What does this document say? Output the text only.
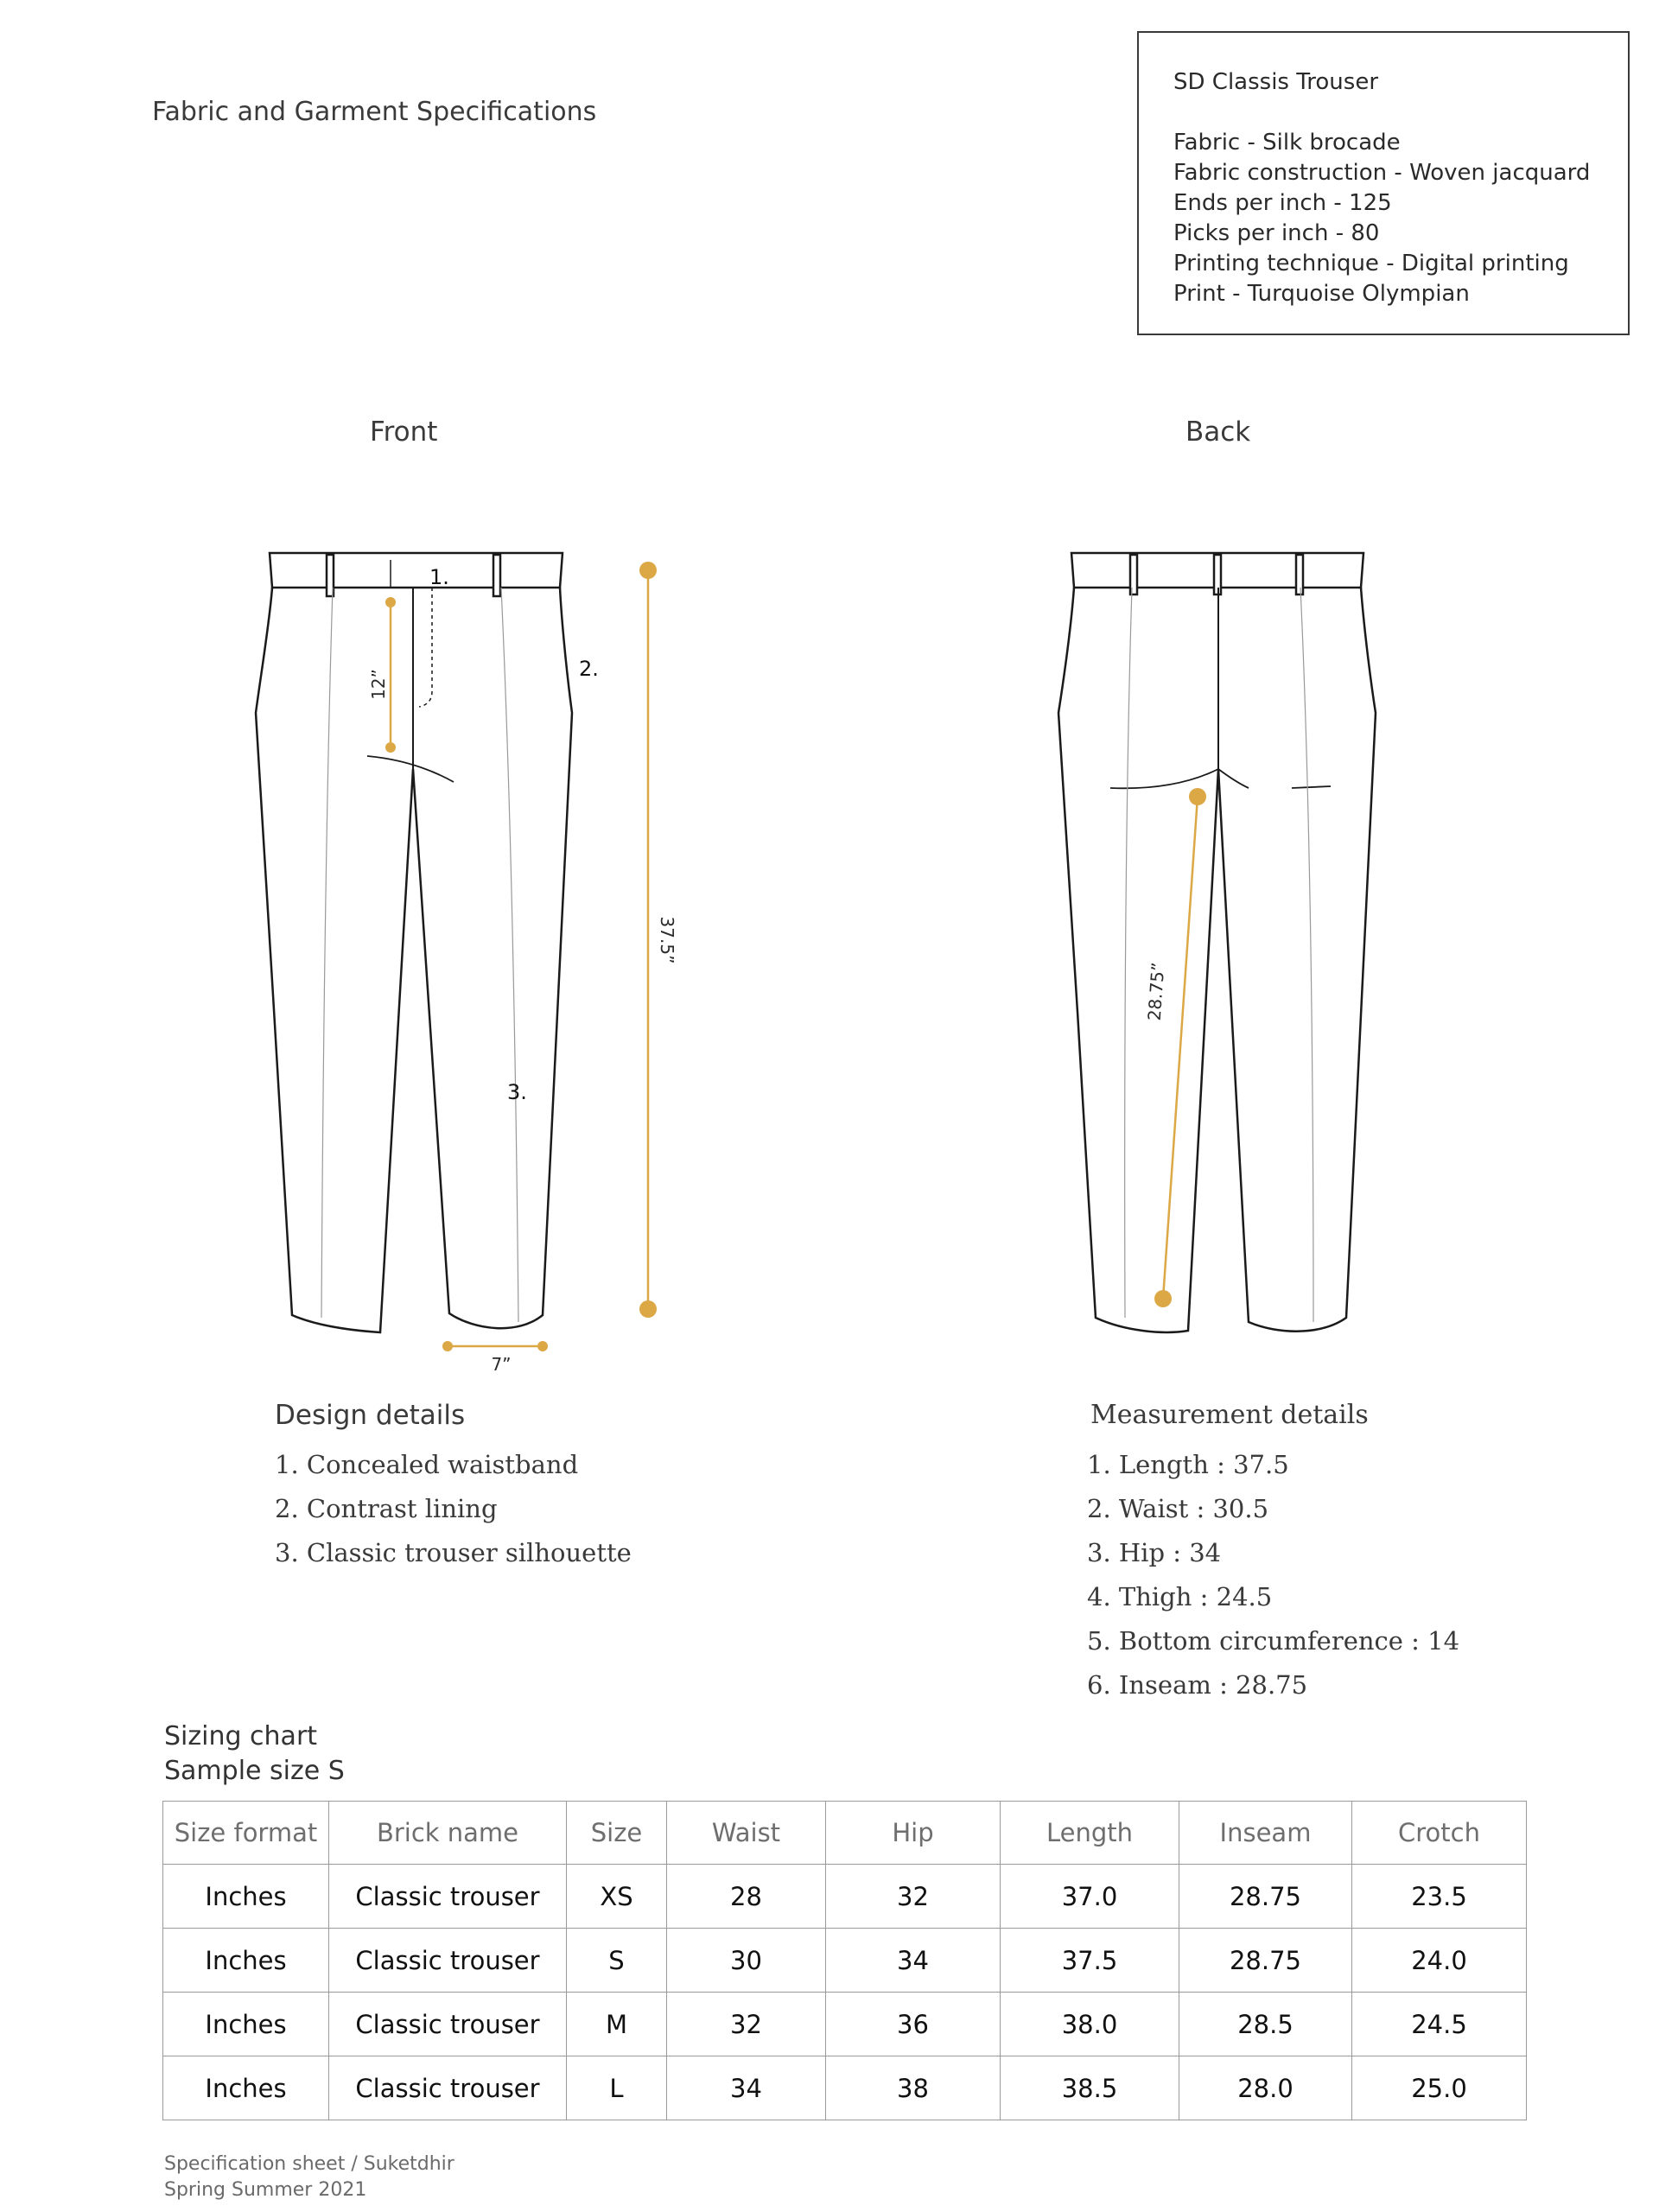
Fabric and Garment Specifications
SD Classis Trouser
Fabric - Silk brocade
Fabric construction - Woven jacquard
Ends per inch - 125
Picks per inch - 80
Printing technique - Digital printing
Print - Turquoise Olympian
Front	Back
12”
37.5”
7”
1.
2.
3.
28.75”
Design details
1. Concealed waistband
2. Contrast lining
3. Classic trouser silhouette
Measurement details
1. Length : 37.5
2. Waist : 30.5
3. Hip : 34
4. Thigh : 24.5
5. Bottom circumference : 14
6. Inseam : 28.75
Sizing chart
Sample size S
Size format	Brick name	Size	Waist	Hip	Length	Inseam	Crotch
Inches	Classic trouser	XS	28	32	37.0	28.75	23.5
Inches	Classic trouser	S	30	34	37.5	28.75	24.0
Inches	Classic trouser	M	32	36	38.0	28.5	24.5
Inches	Classic trouser	L	34	38	38.5	28.0	25.0
Specification sheet / Suketdhir
Spring Summer 2021
